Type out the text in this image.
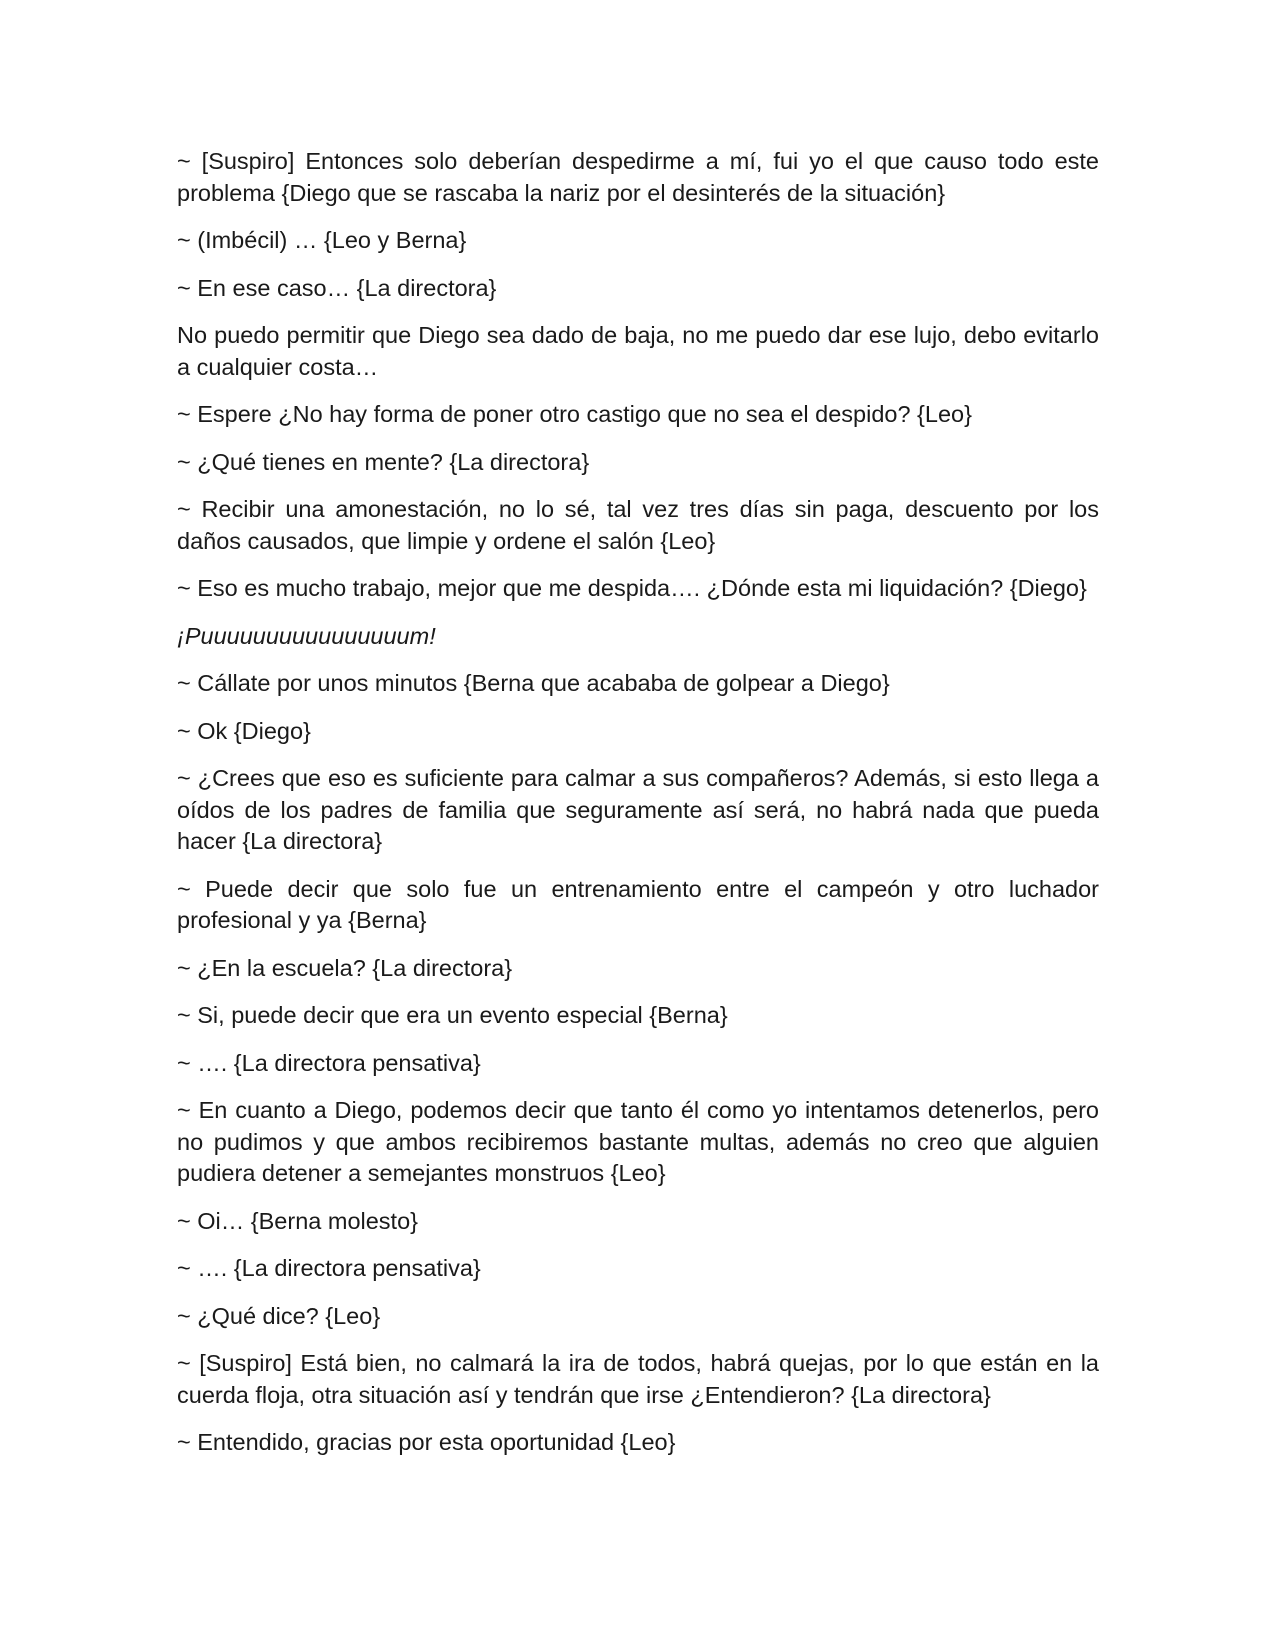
~ [Suspiro] Entonces solo deberían despedirme a mí, fui yo el que causo todo este problema {Diego que se rascaba la nariz por el desinterés de la situación}

~ (Imbécil) … {Leo y Berna}

~ En ese caso… {La directora}

No puedo permitir que Diego sea dado de baja, no me puedo dar ese lujo, debo evitarlo a cualquier costa…

~ Espere ¿No hay forma de poner otro castigo que no sea el despido? {Leo}

~ ¿Qué tienes en mente? {La directora}

~ Recibir una amonestación, no lo sé, tal vez tres días sin paga, descuento por los daños causados, que limpie y ordene el salón {Leo}

~ Eso es mucho trabajo, mejor que me despida…. ¿Dónde esta mi liquidación? {Diego}

¡Puuuuuuuuuuuuuuuum!

~ Cállate por unos minutos {Berna que acababa de golpear a Diego}

~ Ok {Diego}

~ ¿Crees que eso es suficiente para calmar a sus compañeros? Además, si esto llega a oídos de los padres de familia que seguramente así será, no habrá nada que pueda hacer {La directora}

~ Puede decir que solo fue un entrenamiento entre el campeón y otro luchador profesional y ya {Berna}

~ ¿En la escuela? {La directora}

~ Si, puede decir que era un evento especial {Berna}

~ …. {La directora pensativa}

~ En cuanto a Diego, podemos decir que tanto él como yo intentamos detenerlos, pero no pudimos y que ambos recibiremos bastante multas, además no creo que alguien pudiera detener a semejantes monstruos {Leo}

~ Oi… {Berna molesto}

~ …. {La directora pensativa}

~ ¿Qué dice? {Leo}

~ [Suspiro] Está bien, no calmará la ira de todos, habrá quejas, por lo que están en la cuerda floja, otra situación así y tendrán que irse ¿Entendieron? {La directora}

~ Entendido, gracias por esta oportunidad {Leo}
